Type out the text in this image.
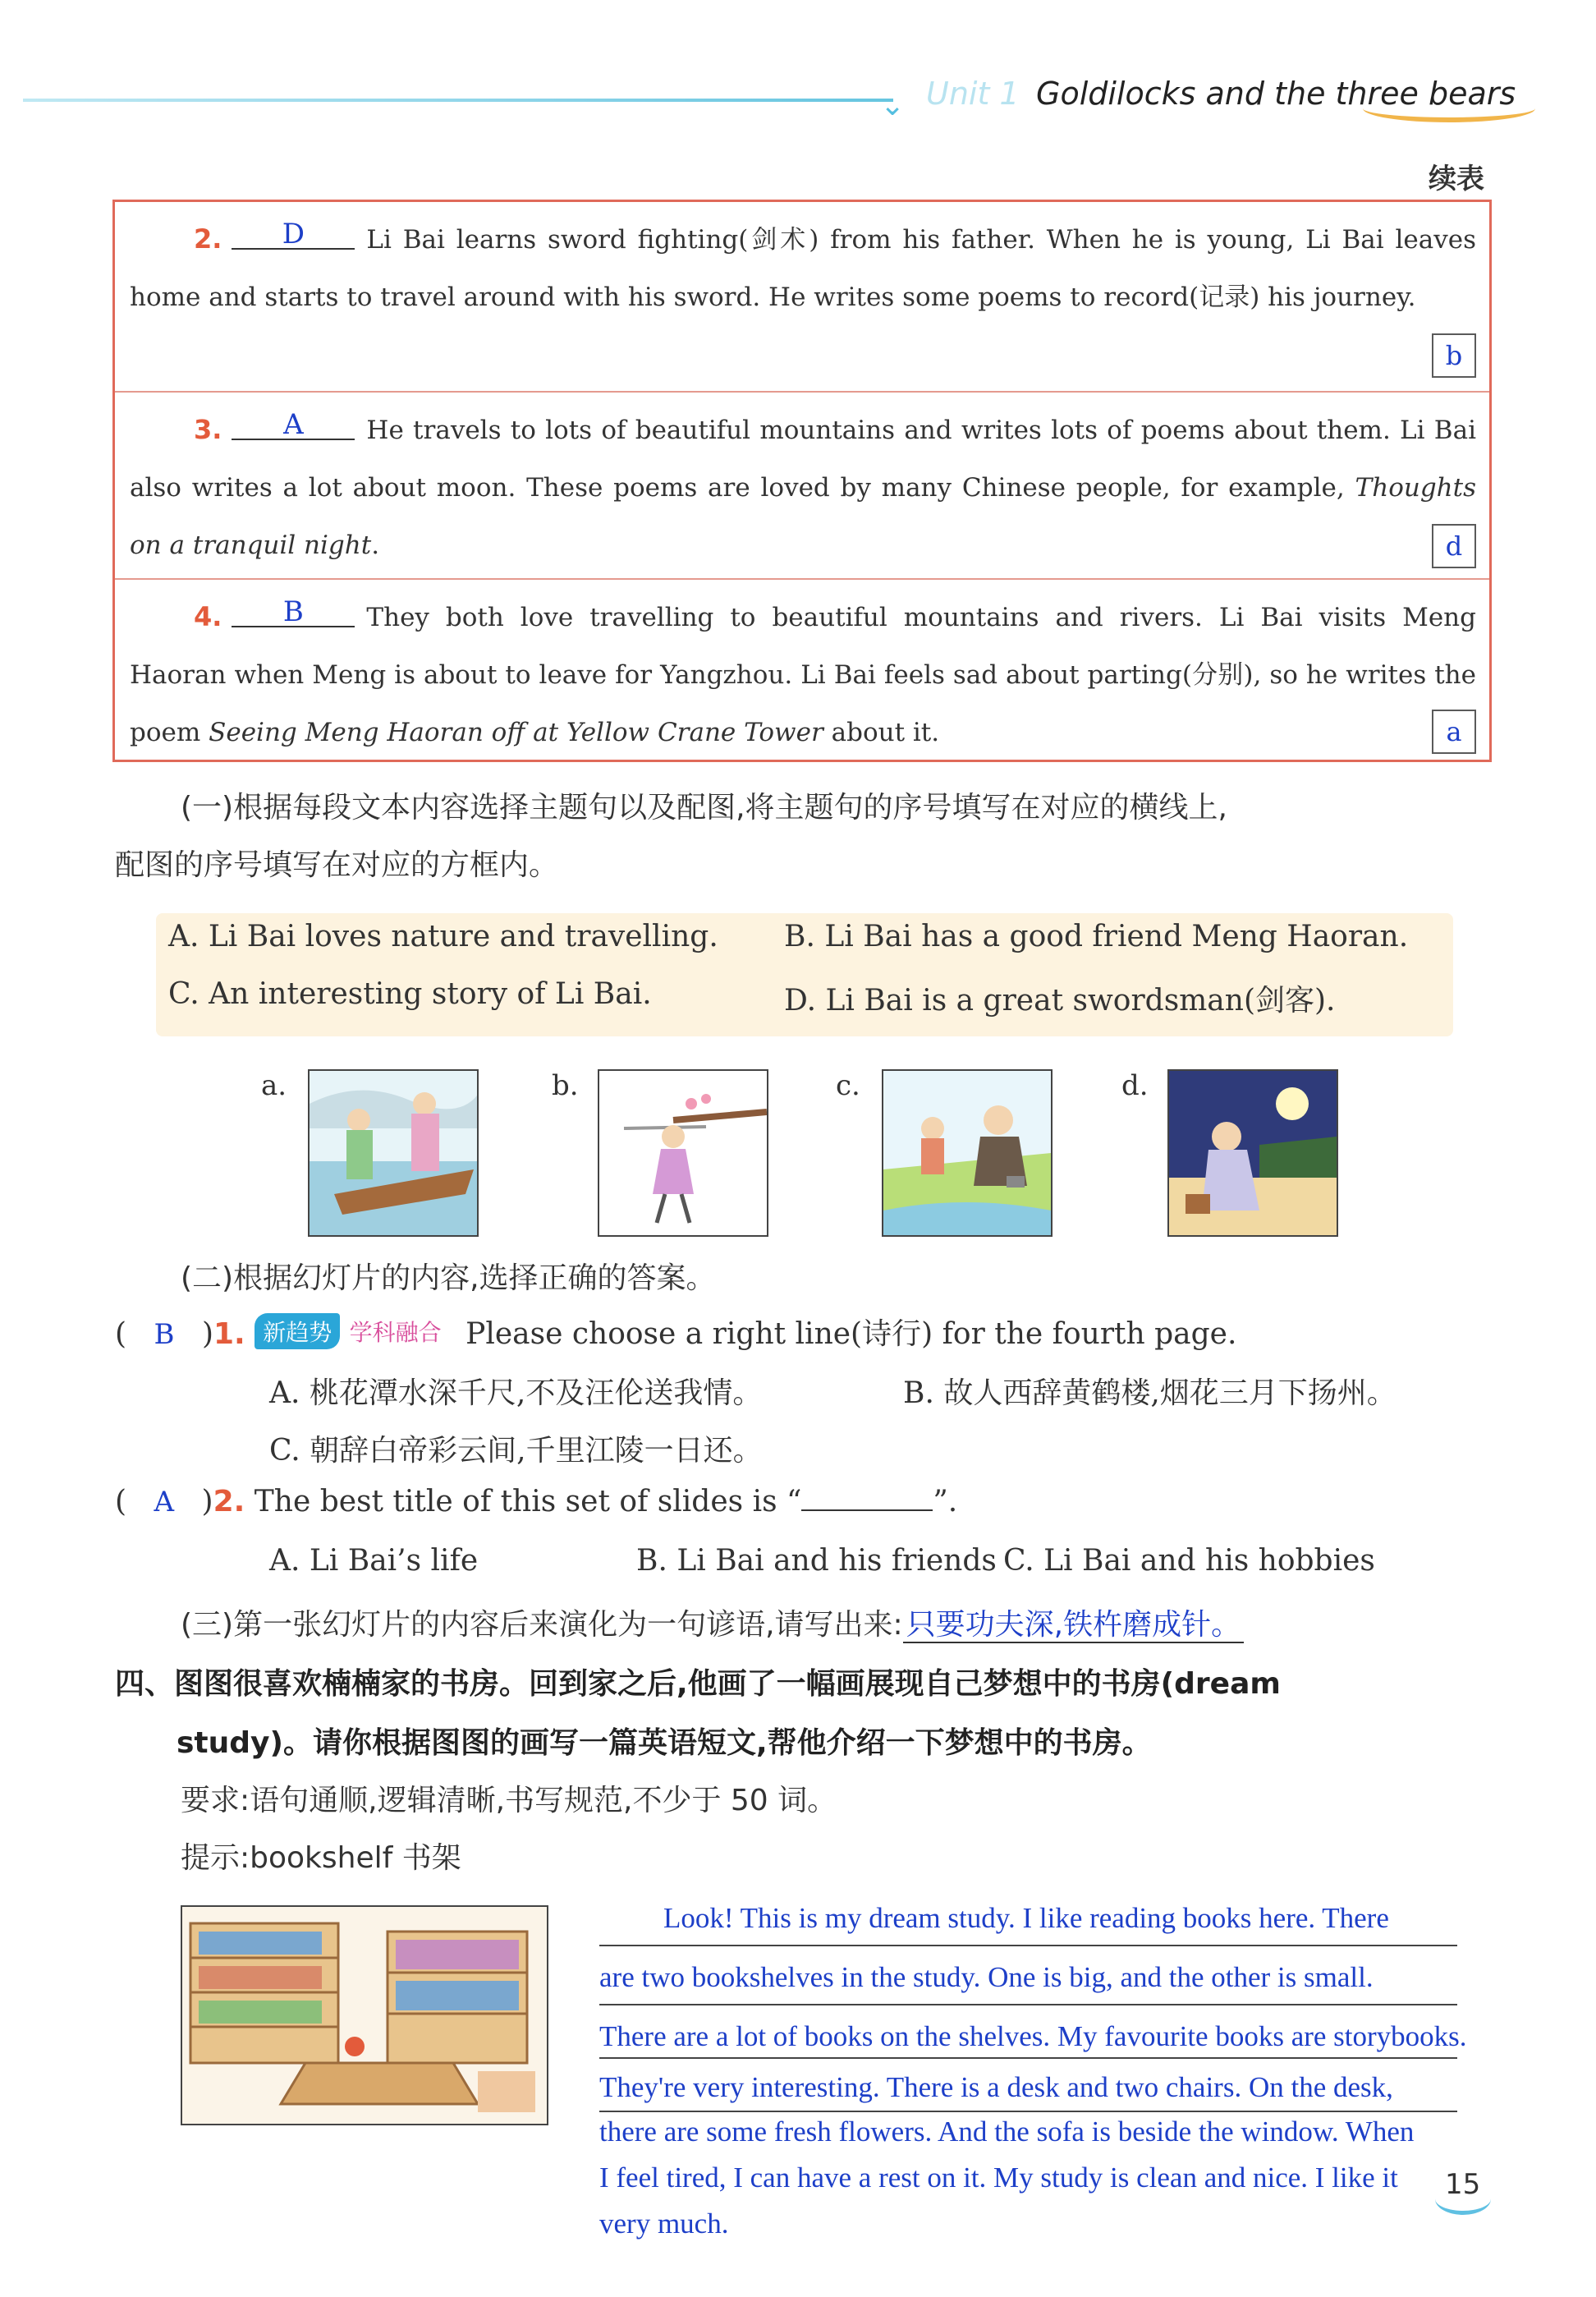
⌄ Unit 1 Goldilocks and the three bears
续表
2. D Li Bai learns sword fighting(剑术) from his father. When he is young, Li Bai leaves home and starts to travel around with his sword. He writes some poems to record(记录) his journey.
b
3. A He travels to lots of beautiful mountains and writes lots of poems about them. Li Bai also writes a lot about moon. These poems are loved by many Chinese people, for example, Thoughts on a tranquil night.	d
4. B They both love travelling to beautiful mountains and rivers. Li Bai visits Meng Haoran when Meng is about to leave for Yangzhou. Li Bai feels sad about parting(分别), so he writes the poem Seeing Meng Haoran off at Yellow Crane Tower about it.	a
(一)根据每段文本内容选择主题句以及配图,将主题句的序号填写在对应的横线上,
配图的序号填写在对应的方框内。
A. Li Bai loves nature and travelling. B. Li Bai has a good friend Meng Haoran.
C. An interesting story of Li Bai.	D. Li Bai is a great swordsman(剑客).
a.	b.	c.	d.
(二)根据幻灯片的内容,选择正确的答案。
( B )1. 新趋势 学科融合 Please choose a right line(诗行) for the fourth page.
A. 桃花潭水深千尺,不及汪伦送我情。	B. 故人西辞黄鹤楼,烟花三月下扬州。
C. 朝辞白帝彩云间,千里江陵一日还。
( A )2. The best title of this set of slides is “	”.
A. Li Bai’s life	B. Li Bai and his friends C. Li Bai and his hobbies
(三)第一张幻灯片的内容后来演化为一句谚语,请写出来: 只要功夫深,铁杵磨成针。
四、图图很喜欢楠楠家的书房。回到家之后,他画了一幅画展现自己梦想中的书房(dream
study)。请你根据图图的画写一篇英语短文,帮他介绍一下梦想中的书房。
要求:语句通顺,逻辑清晰,书写规范,不少于 50 词。
提示:bookshelf 书架
Look! This is my dream study. I like reading books here. There
are two bookshelves in the study. One is big, and the other is small.
There are a lot of books on the shelves. My favourite books are storybooks.
They're very interesting. There is a desk and two chairs. On the desk,
there are some fresh flowers. And the sofa is beside the window. When
I feel tired, I can have a rest on it. My study is clean and nice. I like it
very much.
15
